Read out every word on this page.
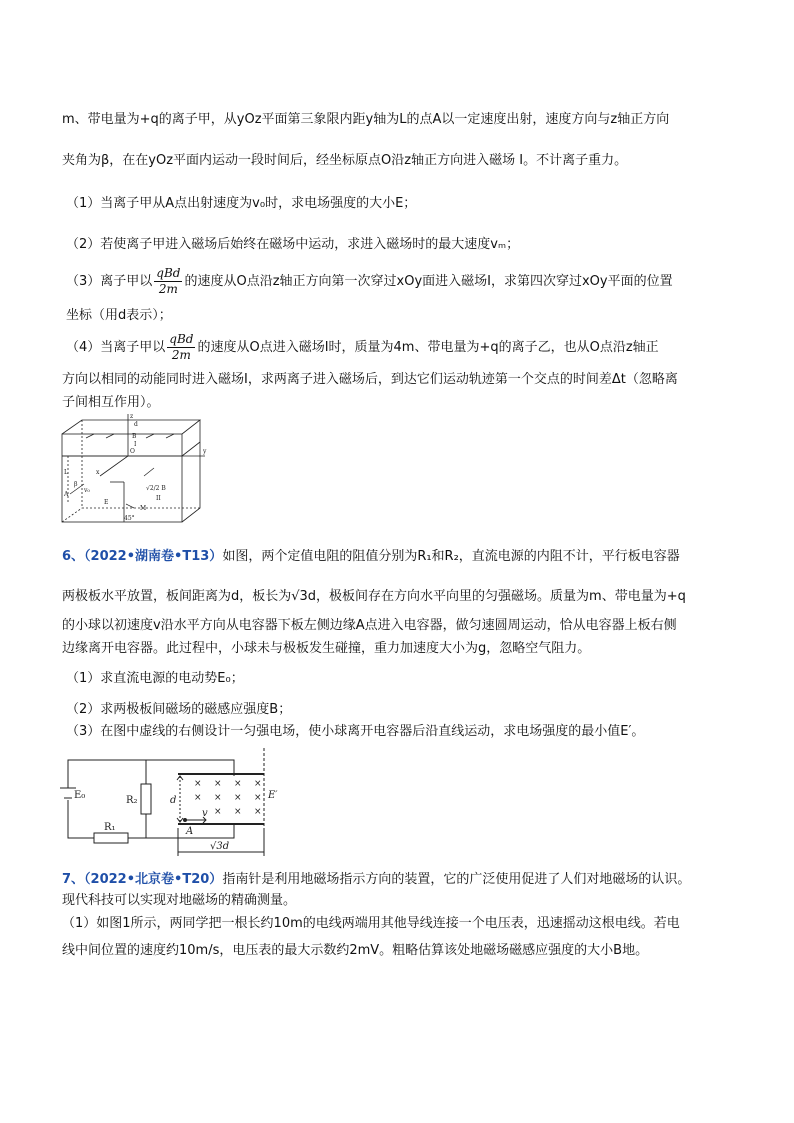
m、带电量为+q的离子甲，从yOz平面第三象限内距y轴为L的点A以一定速度出射，速度方向与z轴正方向
夹角为β，在在yOz平面内运动一段时间后，经坐标原点O沿z轴正方向进入磁场 I。不计离子重力。
（1）当离子甲从A点出射速度为v₀时，求电场强度的大小E；
（2）若使离子甲进入磁场后始终在磁场中运动，求进入磁场时的最大速度vₘ；
（3）离子甲以 $\frac{\text{qBd}}{2m}$ 的速度从O点沿z轴正方向第一次穿过xOy面进入磁场I，求第四次穿过xOy平面的位置
坐标（用d表示）；
（4）当离子甲以 $\frac{\text{qBd}}{2m}$ 的速度从O点进入磁场I时，质量为4m、带电量为+q的离子乙，也从O点沿z轴正
方向以相同的动能同时进入磁场I，求两离子进入磁场后，到达它们运动轨迹第一个交点的时间差Δt（忽略离
子间相互作用）。
z
d
B
I
O	y
x
L
β
v₀
A
E
√2/2 B
II
M
45°
6、（2022•湖南卷•T13）如图，两个定值电阻的阻值分别为R₁和R₂，直流电源的内阻不计，平行板电容器
两极板水平放置，板间距离为d，板长为√3d，极板间存在方向水平向里的匀强磁场。质量为m、带电量为+q
的小球以初速度v沿水平方向从电容器下板左侧边缘A点进入电容器，做匀速圆周运动，恰从电容器上板右侧
边缘离开电容器。此过程中，小球未与极板发生碰撞，重力加速度大小为g，忽略空气阻力。
（1）求直流电源的电动势E₀；
（2）求两极板间磁场的磁感应强度B；
（3）在图中虚线的右侧设计一匀强电场，使小球离开电容器后沿直线运动，求电场强度的最小值E′。
E₀	R₂
R₁
d
v
A
E′
√3d
× × × ×
× × × ×
× × ×
7、（2022•北京卷•T20）指南针是利用地磁场指示方向的装置，它的广泛使用促进了人们对地磁场的认识。
现代科技可以实现对地磁场的精确测量。
（1）如图1所示，两同学把一根长约10m的电线两端用其他导线连接一个电压表，迅速摇动这根电线。若电
线中间位置的速度约10m/s，电压表的最大示数约2mV。粗略估算该处地磁场磁感应强度的大小B地。
